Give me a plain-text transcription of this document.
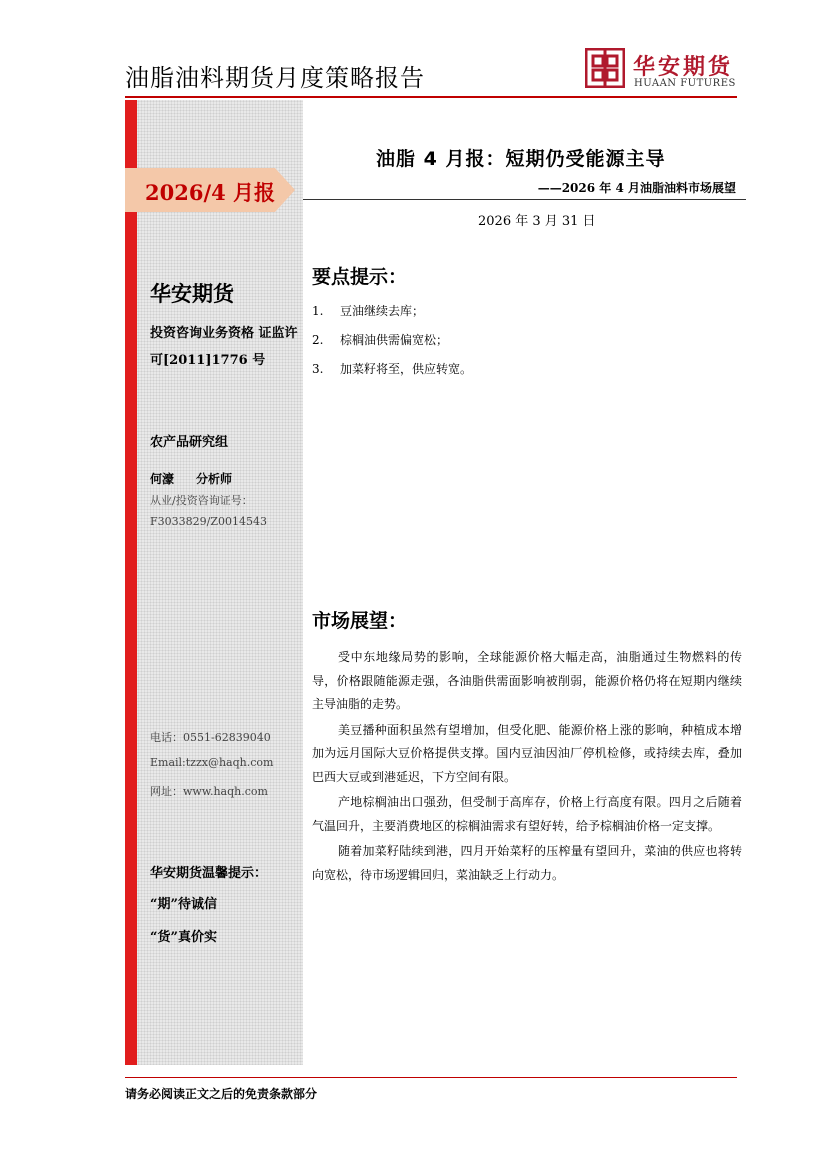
油脂油料期货月度策略报告	华安期货
HUAAN FUTURES
2026/4 月报
华安期货
投资咨询业务资格 证监许可[2011]1776 号
农产品研究组
何濠 分析师
从业/投资咨询证号：
F3033829/Z0014543
电话：0551-62839040
Email:tzzx@haqh.com
网址：www.haqh.com
华安期货温馨提示：
“期”待诚信
“货”真价实
油脂 4 月报：短期仍受能源主导
——2026 年 4 月油脂油料市场展望
2026 年 3 月 31 日
要点提示：
1. 豆油继续去库；
2. 棕榈油供需偏宽松；
3. 加菜籽将至，供应转宽。
市场展望：

受中东地缘局势的影响，全球能源价格大幅走高，油脂通过生物燃料的传导，价格跟随能源走强，各油脂供需面影响被削弱，能源价格仍将在短期内继续主导油脂的走势。

美豆播种面积虽然有望增加，但受化肥、能源价格上涨的影响，种植成本增加为远月国际大豆价格提供支撑。国内豆油因油厂停机检修，或持续去库，叠加巴西大豆或到港延迟，下方空间有限。

产地棕榈油出口强劲，但受制于高库存，价格上行高度有限。四月之后随着气温回升，主要消费地区的棕榈油需求有望好转，给予棕榈油价格一定支撑。

随着加菜籽陆续到港，四月开始菜籽的压榨量有望回升，菜油的供应也将转向宽松，待市场逻辑回归，菜油缺乏上行动力。

请务必阅读正文之后的免责条款部分
